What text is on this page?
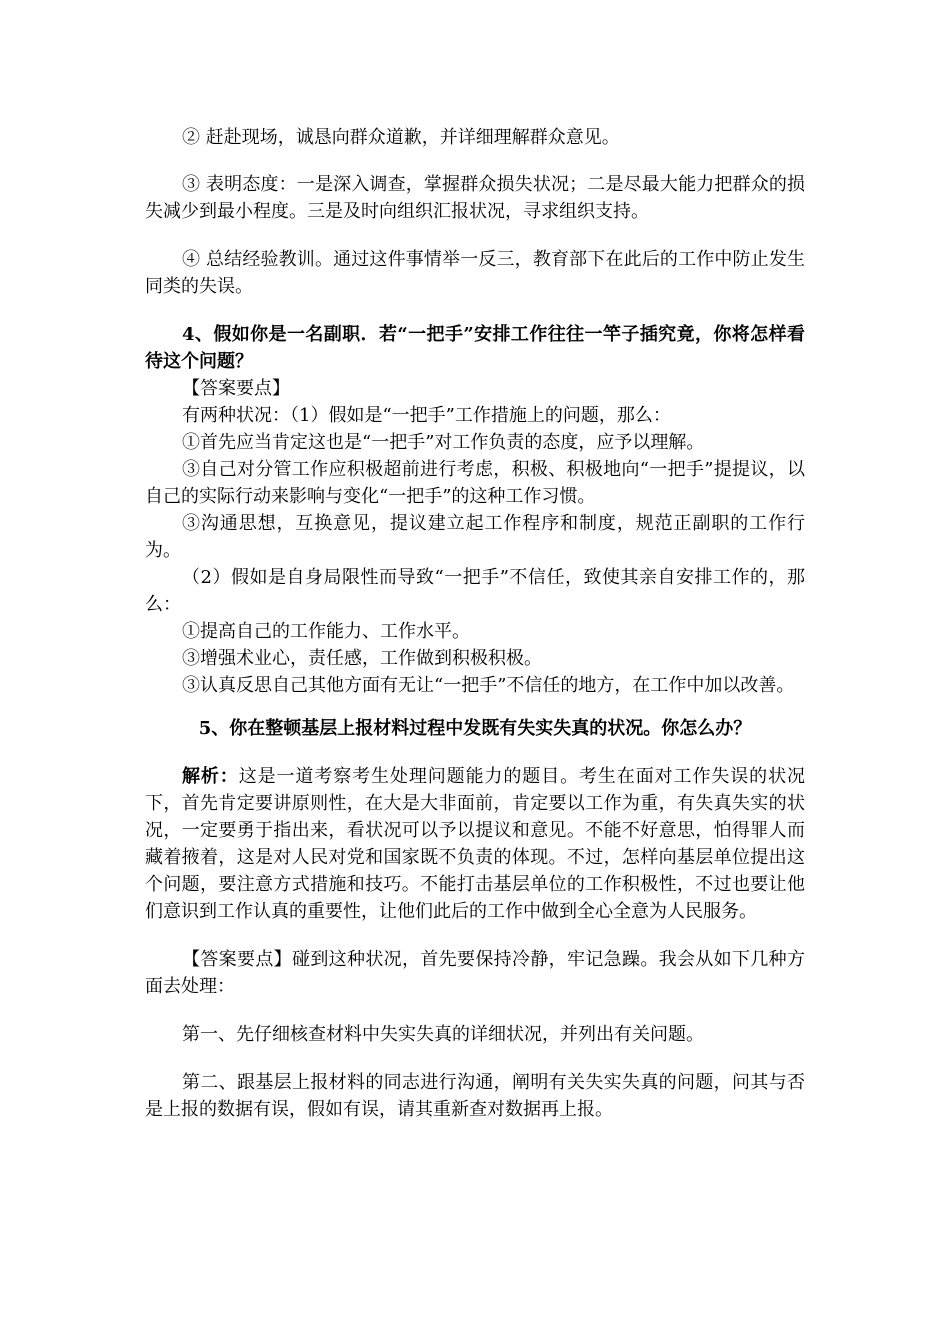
② 赶赴现场，诚恳向群众道歉，并详细理解群众意见。

③ 表明态度：一是深入调查，掌握群众损失状况；二是尽最大能力把群众的损失减少到最小程度。三是及时向组织汇报状况，寻求组织支持。

④ 总结经验教训。通过这件事情举一反三，教育部下在此后的工作中防止发生同类的失误。

4、假如你是一名副职．若“一把手”安排工作往往一竿子插究竟，你将怎样看待这个问题？

【答案要点】

有两种状况：（1）假如是“一把手”工作措施上的问题，那么：

①首先应当肯定这也是“一把手”对工作负责的态度，应予以理解。

③自己对分管工作应积极超前进行考虑，积极、积极地向“一把手”提提议，以自己的实际行动来影响与变化“一把手”的这种工作习惯。

③沟通思想，互换意见，提议建立起工作程序和制度，规范正副职的工作行为。

（2）假如是自身局限性而导致“一把手”不信任，致使其亲自安排工作的，那么：

①提高自己的工作能力、工作水平。

③增强术业心，责任感，工作做到积极积极。

③认真反思自己其他方面有无让“一把手”不信任的地方，在工作中加以改善。

5、你在整顿基层上报材料过程中发既有失实失真的状况。你怎么办？

解析：这是一道考察考生处理问题能力的题目。考生在面对工作失误的状况下，首先肯定要讲原则性，在大是大非面前，肯定要以工作为重，有失真失实的状况，一定要勇于指出来，看状况可以予以提议和意见。不能不好意思，怕得罪人而藏着掖着，这是对人民对党和国家既不负责的体现。不过，怎样向基层单位提出这个问题，要注意方式措施和技巧。不能打击基层单位的工作积极性，不过也要让他们意识到工作认真的重要性，让他们此后的工作中做到全心全意为人民服务。

【答案要点】碰到这种状况，首先要保持冷静，牢记急躁。我会从如下几种方面去处理：

第一、先仔细核查材料中失实失真的详细状况，并列出有关问题。

第二、跟基层上报材料的同志进行沟通，阐明有关失实失真的问题，问其与否是上报的数据有误，假如有误，请其重新查对数据再上报。
